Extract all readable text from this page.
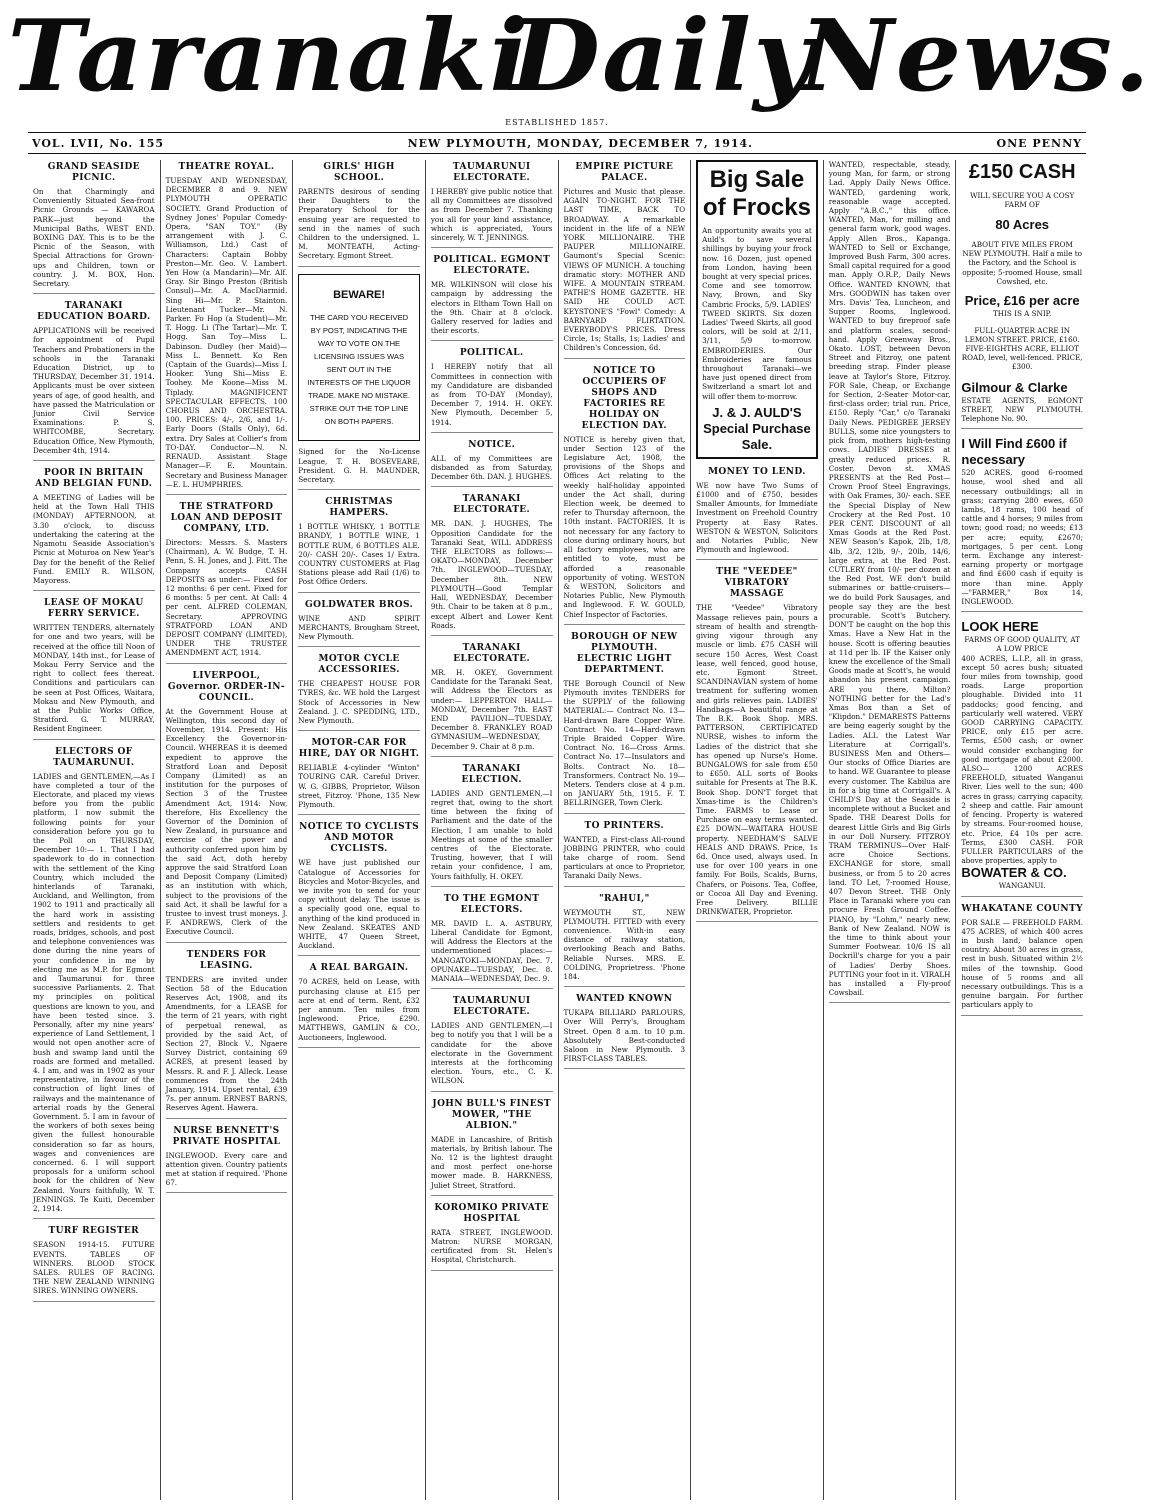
Taranaki
Daily
News.
ESTABLISHED 1857.
VOL. LVII, No. 155	NEW PLYMOUTH, MONDAY, DECEMBER 7, 1914.	ONE PENNY
GRAND SEASIDE PICNIC.

On that Charmingly and Conveniently Situated Sea-front Picnic Grounds — KAWAROA PARK—just beyond the Municipal Baths, WEST END. BOXING DAY. This is to be the Picnic of the Season, with Special Attractions for Grown-ups and Children, town or country. J. M. BOX, Hon. Secretary.

TARANAKI EDUCATION BOARD.

APPLICATIONS will be received for appointment of Pupil Teachers and Probationers in the schools in the Taranaki Education District, up to THURSDAY, December 31, 1914. Applicants must be over sixteen years of age, of good health, and have passed the Matriculation or Junior Civil Service Examinations. P. S. WHITCOMBE, Secretary. Education Office, New Plymouth, December 4th, 1914.

POOR IN BRITAIN AND BELGIAN FUND.

A MEETING of Ladies will be held at the Town Hall THIS (MONDAY) AFTERNOON, at 3.30 o'clock, to discuss undertaking the catering at the Ngamotu Seaside Association's Picnic at Moturoa on New Year's Day for the benefit of the Relief Fund. EMILY R. WILSON, Mayoress.

LEASE OF MOKAU FERRY SERVICE.

WRITTEN TENDERS, alternately for one and two years, will be received at the office till Noon of MONDAY, 14th inst., for Lease of Mokau Ferry Service and the right to collect fees thereat. Conditions and particulars can be seen at Post Offices, Waitara, Mokau and New Plymouth, and at the Public Works Office, Stratford. G. T. MURRAY, Resident Engineer.

ELECTORS OF TAUMARUNUI.

LADIES and GENTLEMEN,—As I have completed a tour of the Electorate, and placed my views before you from the public platform, I now submit the following points for your consideration before you go to the Poll on THURSDAY, December 10:— 1. That I had spadework to do in connection with the settlement of the King Country, which included the hinterlands of Taranaki, Auckland, and Wellington, from 1902 to 1911 and practically all the hard work in assisting settlers and residents to get roads, bridges, schools, and post and telephone conveniences was done during the nine years of your confidence in me by electing me as M.P. for Egmont and Taumarunui for three successive Parliaments. 2. That my principles on political questions are known to you, and have been tested since. 3. Personally, after my nine years' experience of Land Settlement, I would not open another acre of bush and swamp land until the roads are formed and metalled. 4. I am, and was in 1902 as your representative, in favour of the construction of light lines of railways and the maintenance of arterial roads by the General Government. 5. I am in favour of the workers of both sexes being given the fullest honourable consideration so far as hours, wages and conveniences are concerned. 6. I will support proposals for a uniform school book for the children of New Zealand. Yours faithfully, W. T. JENNINGS. Te Kuiti, December 2, 1914.

TURF REGISTER

SEASON 1914-15. FUTURE EVENTS. TABLES OF WINNERS. BLOOD STOCK SALES. RULES OF RACING. THE NEW ZEALAND WINNING SIRES. WINNING OWNERS.

THEATRE ROYAL.

TUESDAY AND WEDNESDAY, DECEMBER 8 and 9. NEW PLYMOUTH OPERATIC SOCIETY. Grand Production of Sydney Jones' Popular Comedy-Opera, "SAN TOY." (By arrangement with J. C. Williamson, Ltd.) Cast of Characters: Captain Bobby Preston—Mr. Geo. V. Lambert. Yen How (a Mandarin)—Mr. Alf. Gray. Sir Bingo Preston (British Consul)—Mr. A. MacDiarmid. Sing Hi—Mr. P. Stainton. Lieutenant Tucker—Mr. N. Parker. Fo Hop (a Student)—Mr. T. Hogg. Li (The Tartar)—Mr. T. Hogg. San Toy—Miss L. Dabinson. Dudley (her Maid)—Miss L. Bennett. Ko Ren (Captain of the Guards)—Miss I. Hooker. Yung Shi—Miss E. Toohey. Me Koone—Miss M. Tiplady. MAGNIFICENT SPECTACULAR EFFECTS. 100 CHORUS AND ORCHESTRA. 100. PRICES: 4/-, 2/6, and 1/-. Early Doors (Stalls Only), 6d. extra. Dry Sales at Collier's from TO-DAY. Conductor—N. N. RENAUD. Assistant Stage Manager—F. E. Mountain. Secretary and Business Manager—E. L. HUMPHRIES.

THE STRATFORD LOAN AND DEPOSIT COMPANY, LTD.

Directors: Messrs. S. Masters (Chairman), A. W. Budge, T. H. Penn, S. H. Jones, and J. Fitt. The Company accepts CASH DEPOSITS as under:— Fixed for 12 months: 6 per cent. Fixed for 6 months: 5 per cent. At Call: 4 per cent. ALFRED COLEMAN, Secretary. APPROVING STRATFORD LOAN AND DEPOSIT COMPANY (LIMITED), UNDER THE TRUSTEE AMENDMENT ACT, 1914.

LIVERPOOL, Governor. ORDER-IN-COUNCIL.

At the Government House at Wellington, this second day of November, 1914. Present: His Excellency the Governor-in-Council. WHEREAS it is deemed expedient to approve the Stratford Loan and Deposit Company (Limited) as an institution for the purposes of Section 3 of the Trustee Amendment Act, 1914: Now, therefore, His Excellency the Governor of the Dominion of New Zealand, in pursuance and exercise of the power and authority conferred upon him by the said Act, doth hereby approve the said Stratford Loan and Deposit Company (Limited) as an institution with which, subject to the provisions of the said Act, it shall be lawful for a trustee to invest trust moneys. J. F. ANDREWS, Clerk of the Executive Council.

TENDERS FOR LEASING.

TENDERS are invited under Section 58 of the Education Reserves Act, 1908, and its Amendments, for a LEASE for the term of 21 years, with right of perpetual renewal, as provided by the said Act, of Section 27, Block V., Ngaere Survey District, containing 69 ACRES, at present leased by Messrs. R. and F. J. Alleck. Lease commences from the 24th January, 1914. Upset rental, £39 7s. per annum. ERNEST BARNS, Reserves Agent. Hawera.

NURSE BENNETT'S PRIVATE HOSPITAL

INGLEWOOD. Every care and attention given. Country patients met at station if required. 'Phone 67.

GIRLS' HIGH SCHOOL.

PARENTS desirous of sending their Daughters to the Preparatory School for the ensuing year are requested to send in the names of such Children to the undersigned. L. M. MONTEATH, Acting-Secretary. Egmont Street.

BEWARE!

THE CARD YOU RECEIVED BY POST, INDICATING THE WAY TO VOTE ON THE LICENSING ISSUES WAS SENT OUT IN THE INTERESTS OF THE LIQUOR TRADE. MAKE NO MISTAKE. STRIKE OUT THE TOP LINE ON BOTH PAPERS.

Signed for the No-License League, T. H. BOSEVEARE, President. G. H. MAUNDER, Secretary.

CHRISTMAS HAMPERS.

1 BOTTLE WHISKY, 1 BOTTLE BRANDY, 1 BOTTLE WINE, 1 BOTTLE RUM, 6 BOTTLES ALE. 20/- CASH 20/-. Cases 1/ Extra. COUNTRY CUSTOMERS at Flag Stations please add Rail (1/6) to Post Office Orders.

GOLDWATER BROS.

WINE AND SPIRIT MERCHANTS, Brougham Street, New Plymouth.

MOTOR CYCLE ACCESSORIES.

THE CHEAPEST HOUSE FOR TYRES, &c. WE hold the Largest Stock of Accessories in New Zealand. J. C. SPEDDING, LTD., New Plymouth.

MOTOR-CAR FOR HIRE, DAY OR NIGHT.

RELIABLE 4-cylinder "Winton" TOURING CAR. Careful Driver. W. G. GIBBS, Proprietor, Wilson street, Fitzroy. 'Phone, 135 New Plymouth.

NOTICE TO CYCLISTS AND MOTOR CYCLISTS.

WE have just published our Catalogue of Accessories for Bicycles and Motor-Bicycles, and we invite you to send for your copy without delay. The issue is a specially good one, equal to anything of the kind produced in New Zealand. SKEATES AND WHITE, 47 Queen Street, Auckland.

A REAL BARGAIN.

70 ACRES, held on Lease, with purchasing clause at £15 per acre at end of term. Rent, £32 per annum. Ten miles from Inglewood. Price, £290. MATTHEWS, GAMLIN & CO., Auctioneers, Inglewood.

TAUMARUNUI ELECTORATE.

I HEREBY give public notice that all my Committees are dissolved as from December 7. Thanking you all for your kind assistance, which is appreciated, Yours sincerely, W. T. JENNINGS.

POLITICAL. EGMONT ELECTORATE.

MR. WILKINSON will close his campaign by addressing the electors in Eltham Town Hall on the 9th. Chair at 8 o'clock. Gallery reserved for ladies and their escorts.

POLITICAL.

I HEREBY notify that all Committees in connection with my Candidature are disbanded as from TO-DAY (Monday), December 7, 1914. H. OKEY. New Plymouth, December 5, 1914.

NOTICE.

ALL of my Committees are disbanded as from Saturday, December 6th. DAN. J. HUGHES.

TARANAKI ELECTORATE.

MR. DAN. J. HUGHES, The Opposition Candidate for the Taranaki Seat, WILL ADDRESS THE ELECTORS as follows:— OKATO—MONDAY, December 7th. INGLEWOOD—TUESDAY, December 8th. NEW PLYMOUTH—Good Templar Hall, WEDNESDAY, December 9th. Chair to be taken at 8 p.m., except Albert and Lower Kent Roads.

TARANAKI ELECTORATE.

MR. H. OKEY, Government Candidate for the Taranaki Seat, will Address the Electors as under:— LEPPERTON HALL—MONDAY, December 7th. EAST END PAVILION—TUESDAY, December 8. FRANKLEY ROAD GYMNASIUM—WEDNESDAY, December 9. Chair at 8 p.m.

TARANAKI ELECTION.

LADIES AND GENTLEMEN,—I regret that, owing to the short time between the fixing of Parliament and the date of the Election, I am unable to hold Meetings at some of the smaller centres of the Electorate. Trusting, however, that I will retain your confidence, I am, Yours faithfully, H. OKEY.

TO THE EGMONT ELECTORS.

MR. DAVID L. A. ASTBURY, Liberal Candidate for Egmont, will Address the Electors at the undermentioned places:— MANGATOKI—MONDAY, Dec. 7. OPUNAKE—TUESDAY, Dec. 8. MANAIA—WEDNESDAY, Dec. 9.

TAUMARUNUI ELECTORATE.

LADIES AND GENTLEMEN,—I beg to notify you that I will be a candidate for the above electorate in the Government interests at the forthcoming election. Yours, etc., C. K. WILSON.

JOHN BULL'S FINEST MOWER, "THE ALBION."

MADE in Lancashire, of British materials, by British labour. The No. 12 is the lightest draught and most perfect one-horse mower made. B. HARKNESS, Juliet Street, Stratford.

KOROMIKO PRIVATE HOSPITAL

RATA STREET, INGLEWOOD. Matron: NURSE MORGAN, certificated from St. Helen's Hospital, Christchurch.

EMPIRE PICTURE PALACE.

Pictures and Music that please. AGAIN TO-NIGHT. FOR THE LAST TIME, BACK TO BROADWAY. A remarkable incident in the life of a NEW YORK MILLIONAIRE. THE PAUPER MILLIONAIRE. Gaumont's Special Scenic: VIEWS OF MUNICH. A touching dramatic story: MOTHER AND WIFE. A MOUNTAIN STREAM. PATHE'S HOME GAZETTE. HE SAID HE COULD ACT. KEYSTONE'S "Fowl" Comedy: A BARNYARD FLIRTATION. EVERYBODY'S PRICES. Dress Circle, 1s; Stalls, 1s; Ladies' and Children's Concession, 6d.

NOTICE TO OCCUPIERS OF SHOPS AND FACTORIES RE HOLIDAY ON ELECTION DAY.

NOTICE is hereby given that, under Section 123 of the Legislature Act, 1908, the provisions of the Shops and Offices Act relating to the weekly half-holiday appointed under the Act shall, during Election week, be deemed to refer to Thursday afternoon, the 10th instant. FACTORIES. It is not necessary for any factory to close during ordinary hours, but all factory employees, who are entitled to vote, must be afforded a reasonable opportunity of voting. WESTON & WESTON, Solicitors and Notaries Public, New Plymouth and Inglewood. F. W. GOULD, Chief Inspector of Factories.

BOROUGH OF NEW PLYMOUTH. ELECTRIC LIGHT DEPARTMENT.

THE Borough Council of New Plymouth invites TENDERS for the SUPPLY of the following MATERIAL:— Contract No. 13—Hard-drawn Bare Copper Wire. Contract No. 14—Hard-drawn Triple Braided Copper Wire. Contract No. 16—Cross Arms. Contract No. 17—Insulators and Bolts. Contract No. 18—Transformers. Contract No. 19—Meters. Tenders close at 4 p.m. on JANUARY 5th, 1915. F. T. BELLRINGER, Town Clerk.

TO PRINTERS.

WANTED, a First-class All-round JOBBING PRINTER, who could take charge of room. Send particulars at once to Proprietor, Taranaki Daily News.

"RAHUI,"

WEYMOUTH ST., NEW PLYMOUTH. FITTED with every convenience. With-in easy distance of railway station, overlooking Beach and Baths. Reliable Nurses. MRS. E. COLDING, Proprietress. 'Phone 184.

WANTED KNOWN

TUKAPA BILLIARD PARLOURS, Over Will Perry's, Brougham Street. Open 8 a.m. to 10 p.m. Absolutely Best-conducted Saloon in New Plymouth. 3 FIRST-CLASS TABLES.

Big Sale of Frocks

An opportunity awaits you at Auld's to save several shillings by buying your frock now. 16 Dozen, just opened from London, having been bought at very special prices. Come and see tomorrow. Navy, Brown, and Sky Cambric Frocks, 5/9. LADIES' TWEED SKIRTS. Six dozen Ladies' Tweed Skirts, all good colors, will be sold at 2/11, 3/11, 5/9 to-morrow. EMBROIDERIES. Our Embroideries are famous throughout Taranaki—we have just opened direct from Switzerland a smart lot and will offer them to-morrow.

J. & J. AULD'S
Special Purchase Sale.
MONEY TO LEND.

WE now have Two Sums of £1000 and of £750, besides Smaller Amounts, for Immediate Investment on Freehold Country Property at Easy Rates. WESTON & WESTON, Solicitors and Notaries Public, New Plymouth and Inglewood.

THE "VEEDEE" VIBRATORY MASSAGE

THE "Veedee" Vibratory Massage relieves pain, pours a stream of health and strength-giving vigour through any muscle or limb. £75 CASH will secure 150 Acres, West Coast lease, well fenced, good house, etc. Egmont Street. SCANDINAVIAN system of home treatment for suffering women and girls relieves pain. LADIES' Handbags—A beautiful range at The B.K. Book Shop. MRS. PATTERSON, CERTIFICATED NURSE, wishes to inform the Ladies of the district that she has opened up Nurse's Home. BUNGALOWS for sale from £50 to £650. ALL sorts of Books suitable for Presents at The B.K. Book Shop. DON'T forget that Xmas-time is the Children's Time. FARMS to Lease or Purchase on easy terms wanted. £25 DOWN—WAITARA HOUSE property. NEEDHAM'S SALVE HEALS AND DRAWS. Price, 1s 6d. Once used, always used. In use for over 100 years in one family. For Boils, Scalds, Burns, Chafers, or Poisons. Tea, Coffee, or Cocoa All Day and Evening. Free Delivery. BILLIE DRINKWATER, Proprietor.

WANTED, respectable, steady, young Man, for farm, or strong Lad. Apply Daily News Office. WANTED, gardening work, reasonable wage accepted. Apply "A.B.C.," this office. WANTED, Man, for milling and general farm work, good wages. Apply Allen Bros., Kapanga. WANTED to Sell or Exchange, Improved Bush Farm, 300 acres. Small capital required for a good man. Apply O.R.P., Daily News Office. WANTED KNOWN, that Mrs. GOODWIN has taken over Mrs. Davis' Tea, Luncheon, and Supper Rooms, Inglewood. WANTED to buy fireproof safe and platform scales, second-hand. Apply Greenway Bros., Okato. LOST, between Devon Street and Fitzroy, one patent breeding strap. Finder please leave at Taylor's Store, Fitzroy. FOR Sale, Cheap, or Exchange for Section, 2-Seater Motor-car, first-class order; trial run. Price, £150. Reply "Car," c/o Taranaki Daily News. PEDIGREE JERSEY BULLS, some nice youngsters to pick from, mothers high-testing cows. LADIES' DRESSES at greatly reduced prices. R. Coster, Devon st. XMAS PRESENTS at the Red Post—Crown Proof Steel Engravings, with Oak Frames, 30/- each. SEE the Special Display of New Crockery at the Red Post. 10 PER CENT. DISCOUNT of all Xmas Goods at the Red Post. NEW Season's Kapok, 2lb, 1/8, 4lb, 3/2, 12lb, 9/-, 20lb, 14/6, large extra, at the Red Post. CUTLERY from 10/- per dozen at the Red Post. WE don't build submarines or battle-cruisers—we do build Pork Sausages, and people say they are the best procurable. Scott's Butchery. DON'T be caught on the hop this Xmas. Have a New Hat in the house. Scott is offering beauties at 11d per lb. IF the Kaiser only knew the excellence of the Small Goods made at Scott's, he would abandon his present campaign. ARE you there, Milton? NOTHING better for the Lad's Xmas Box than a Set of "Klipdon." DEMARESTS Patterns are being eagerly sought by the Ladies. ALL the Latest War Literature at Corrigall's. BUSINESS Men and Others—Our stocks of Office Diaries are to hand. WE Guarantee to please every customer. The Kabilua are in for a big time at Corrigall's. A CHILD'S Day at the Seaside is incomplete without a Bucket and Spade. THE Dearest Dolls for dearest Little Girls and Big Girls in our Doll Nursery. FITZROY TRAM TERMINUS—Over Half-acre Choice Sections. EXCHANGE for store, small business, or from 5 to 20 acres land. TO Let, 7-roomed House, 407 Devon Street. THE Only Place in Taranaki where you can procure Fresh Ground Coffee. PIANO, by "Lohm," nearly new, Bank of New Zealand. NOW is the time to think about your Summer Footwear. 10/6 IS all Dockrill's charge for you a pair of Ladies' Derby Shoes. PUTTING your foot in it. VIRALH has installed a Fly-proof Cowsbail.

£150 CASH

WILL SECURE YOU A COSY FARM OF

80 Acres

ABOUT FIVE MILES FROM NEW PLYMOUTH. Half a mile to the Factory, and the School is opposite; 5-roomed House, small Cowshed, etc.

Price, £16 per acre
THIS IS A SNIP.

FULL-QUARTER ACRE IN LEMON STREET. PRICE, £160. FIVE-EIGHTHS ACRE, ELLIOT ROAD, level, well-fenced. PRICE, £300.

Gilmour & Clarke

ESTATE AGENTS, EGMONT STREET, NEW PLYMOUTH. Telephone No. 90.

I Will Find £600 if necessary

520 ACRES, good 6-roomed house, wool shed and all necessary outbuildings; all in grass; carrying 280 ewes, 650 lambs, 18 rams, 100 head of cattle and 4 horses; 9 miles from town; good road; no weeds; £13 per acre; equity, £2670; mortgages, 5 per cent. Long term. Exchange any interest-earning property or mortgage and find £600 cash if equity is more than mine. Apply—"FARMER," Box 14, INGLEWOOD.

LOOK HERE
FARMS OF GOOD QUALITY, AT A LOW PRICE

400 ACRES, L.I.P., all in grass, except 50 acres bush; situated four miles from township, good roads. Large proportion ploughable. Divided into 11 paddocks; good fencing, and particularly well watered. VERY GOOD CARRYING CAPACITY. PRICE, only £15 per acre. Terms, £500 cash; or owner would consider exchanging for good mortgage of about £2000. ALSO— 1200 ACRES FREEHOLD, situated Wanganui River. Lies well to the sun; 400 acres in grass; carrying capacity, 2 sheep and cattle. Fair amount of fencing. Property is watered by streams. Four-roomed house, etc. Price, £4 10s per acre. Terms, £300 CASH. FOR FULLER PARTICULARS of the above properties, apply to

BOWATER & CO.
WANGANUI.
WHAKATANE COUNTY

FOR SALE — FREEHOLD FARM. 475 ACRES, of which 400 acres in bush land, balance open country. About 30 acres in grass, rest in bush. Situated within 2½ miles of the township. Good house of 5 rooms and all necessary outbuildings. This is a genuine bargain. For further particulars apply to
